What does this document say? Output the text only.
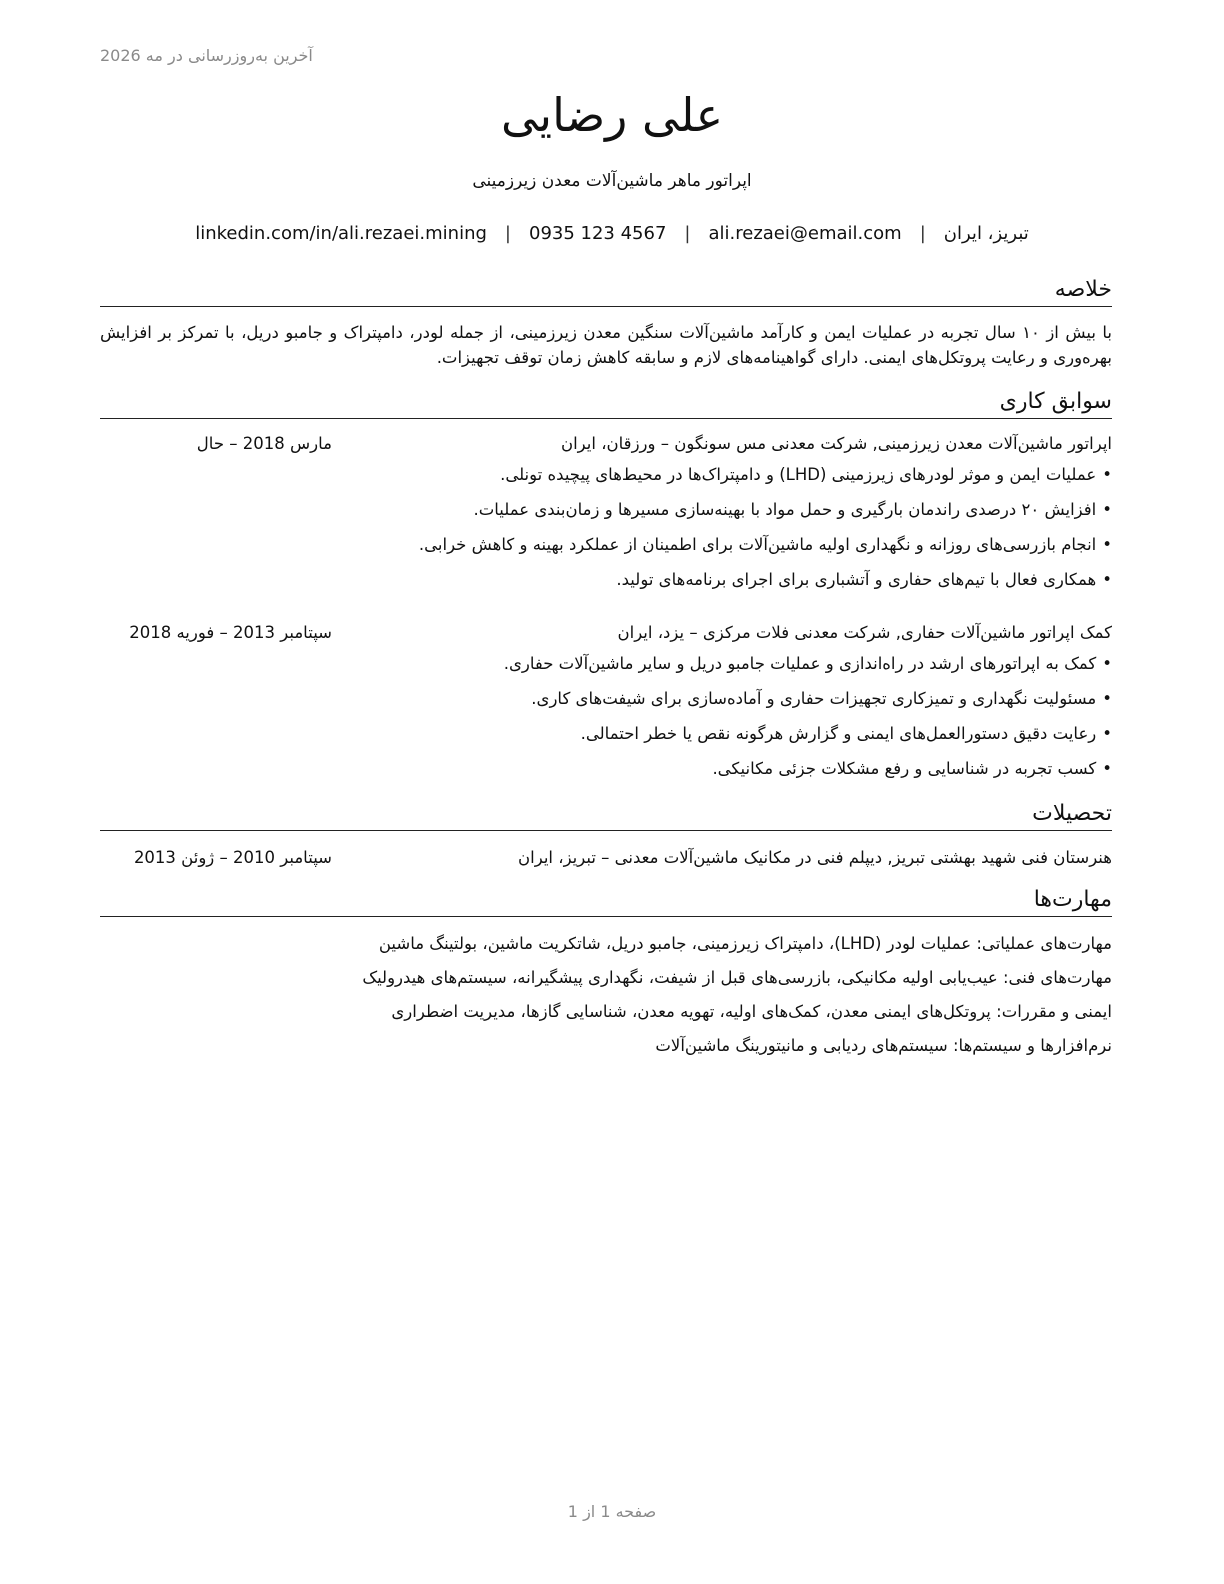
آخرین به‌روزرسانی در مه 2026
علی رضایی
اپراتور ماهر ماشین‌آلات معدن زیرزمینی
تبریز، ایران
|
ali.rezaei@email.com
|
0935 123 4567
|
linkedin.com/in/ali.rezaei.mining
خلاصه
با بیش از ۱۰ سال تجربه در عملیات ایمن و کارآمد ماشین‌آلات سنگین معدن زیرزمینی، از جمله لودر، دامپتراک و جامبو دریل، با تمرکز بر افزایش بهره‌وری و رعایت پروتکل‌های ایمنی. دارای گواهینامه‌های لازم و سابقه کاهش زمان توقف تجهیزات.
سوابق کاری
اپراتور ماشین‌آلات معدن زیرزمینی, شرکت معدنی مس سونگون – ورزقان، ایران
مارس 2018 – حال
•عملیات ایمن و موثر لودرهای زیرزمینی (LHD) و دامپتراک‌ها در محیط‌های پیچیده تونلی.
•افزایش ۲۰ درصدی راندمان بارگیری و حمل مواد با بهینه‌سازی مسیرها و زمان‌بندی عملیات.
•انجام بازرسی‌های روزانه و نگهداری اولیه ماشین‌آلات برای اطمینان از عملکرد بهینه و کاهش خرابی.
•همکاری فعال با تیم‌های حفاری و آتشباری برای اجرای برنامه‌های تولید.
کمک اپراتور ماشین‌آلات حفاری, شرکت معدنی فلات مرکزی – یزد، ایران
سپتامبر 2013 – فوریه 2018
•کمک به اپراتورهای ارشد در راه‌اندازی و عملیات جامبو دریل و سایر ماشین‌آلات حفاری.
•مسئولیت نگهداری و تمیزکاری تجهیزات حفاری و آماده‌سازی برای شیفت‌های کاری.
•رعایت دقیق دستورالعمل‌های ایمنی و گزارش هرگونه نقص یا خطر احتمالی.
•کسب تجربه در شناسایی و رفع مشکلات جزئی مکانیکی.
تحصیلات
هنرستان فنی شهید بهشتی تبریز, دیپلم فنی در مکانیک ماشین‌آلات معدنی – تبریز، ایران
سپتامبر 2010 – ژوئن 2013
مهارت‌ها
مهارت‌های عملیاتی: عملیات لودر (LHD)، دامپتراک زیرزمینی، جامبو دریل، شاتکریت ماشین، بولتینگ ماشین
مهارت‌های فنی: عیب‌یابی اولیه مکانیکی، بازرسی‌های قبل از شیفت، نگهداری پیشگیرانه، سیستم‌های هیدرولیک
ایمنی و مقررات: پروتکل‌های ایمنی معدن، کمک‌های اولیه، تهویه معدن، شناسایی گازها، مدیریت اضطراری
نرم‌افزارها و سیستم‌ها: سیستم‌های ردیابی و مانیتورینگ ماشین‌آلات
صفحه 1 از 1
